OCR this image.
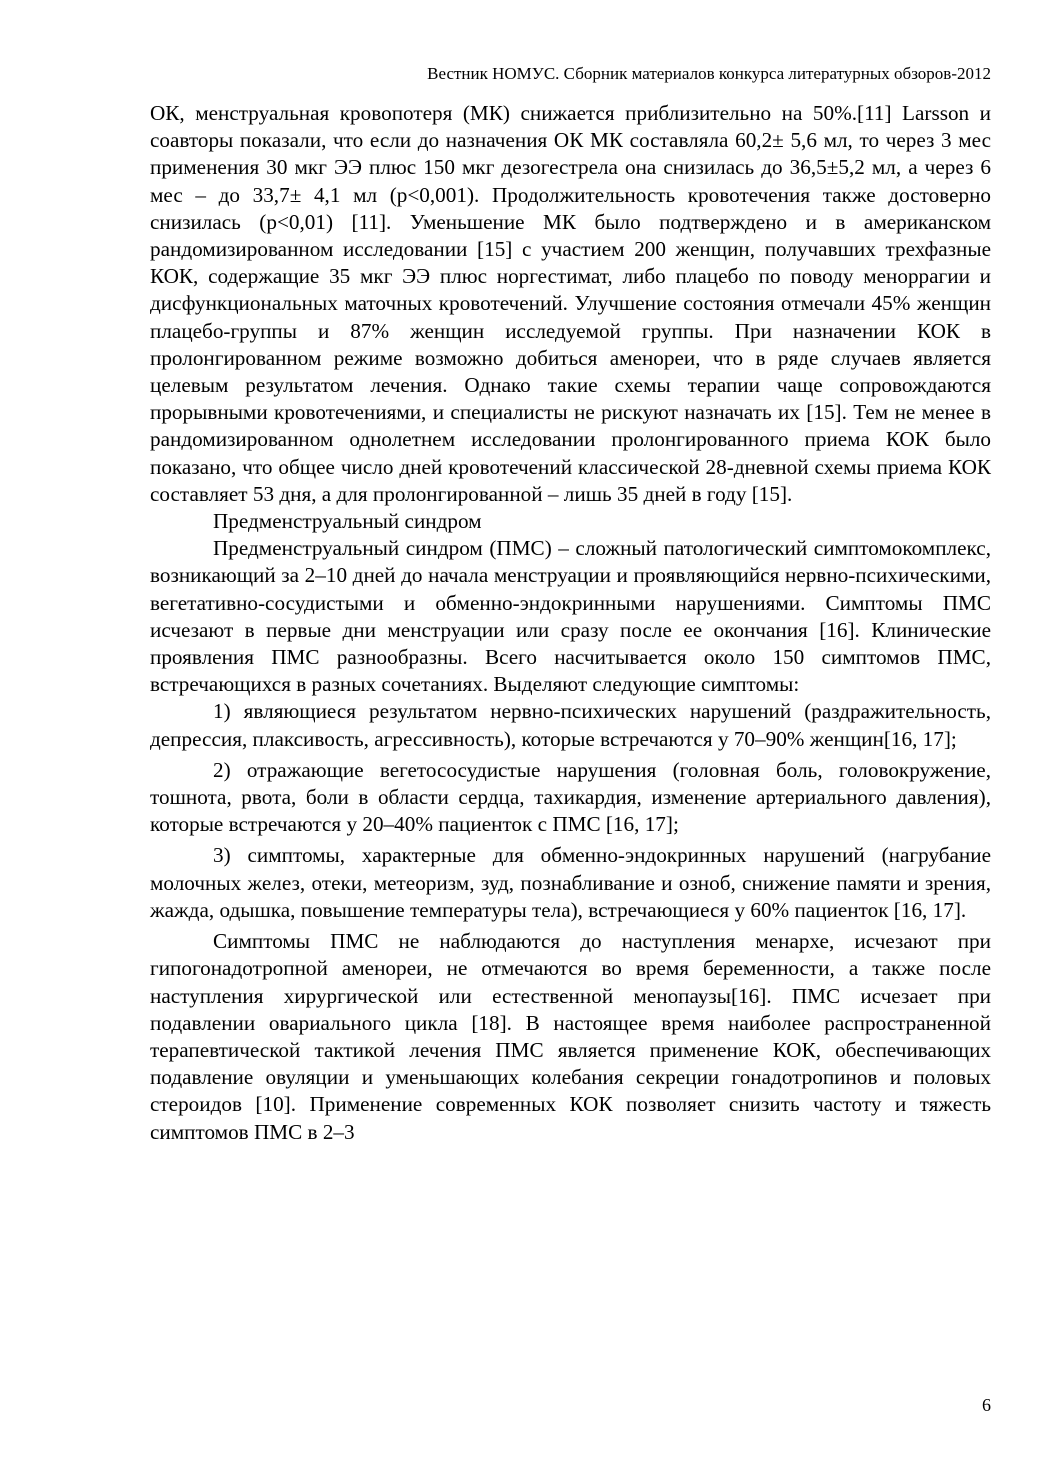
Вестник НОМУС. Сборник материалов конкурса литературных обзоров-2012

ОК, менструальная кровопотеря (МК) снижается приблизительно на 50%.[11] Larsson и соавторы показали, что если до назначения ОК МК составляла 60,2± 5,6 мл, то через 3 мес применения 30 мкг ЭЭ плюс 150 мкг дезогестрела она снизилась до 36,5±5,2 мл, а через 6 мес – до 33,7± 4,1 мл (p<0,001). Продолжительность кровотечения также достоверно снизилась (p<0,01) [11]. Уменьшение МК было подтверждено и в американском рандомизированном исследовании [15] с участием 200 женщин, получавших трехфазные КОК, содержащие 35 мкг ЭЭ плюс норгестимат, либо плацебо по поводу меноррагии и дисфункциональных маточных кровотечений. Улучшение состояния отмечали 45% женщин плацебо-группы и 87% женщин исследуемой группы. При назначении КОК в пролонгированном режиме возможно добиться аменореи, что в ряде случаев является целевым результатом лечения. Однако такие схемы терапии чаще сопровождаются прорывными кровотечениями, и специалисты не рискуют назначать их [15]. Тем не менее в рандомизированном однолетнем исследовании пролонгированного приема КОК было показано, что общее число дней кровотечений классической 28-дневной схемы приема КОК составляет 53 дня, а для пролонгированной – лишь 35 дней в году [15].

Предменструальный синдром

Предменструальный синдром (ПМС) – сложный патологический симптомокомплекс, возникающий за 2–10 дней до начала менструации и проявляющийся нервно-психическими, вегетативно-сосудистыми и обменно-эндокринными нарушениями. Симптомы ПМС исчезают в первые дни менструации или сразу после ее окончания [16]. Клинические проявления ПМС разнообразны. Всего насчитывается около 150 симптомов ПМС, встречающихся в разных сочетаниях. Выделяют следующие симптомы:

1) являющиеся результатом нервно-психических нарушений (раздражительность, депрессия, плаксивость, агрессивность), которые встречаются у 70–90% женщин[16, 17];

2) отражающие вегетососудистые нарушения (головная боль, головокружение, тошнота, рвота, боли в области сердца, тахикардия, изменение артериального давления), которые встречаются у 20–40% пациенток с ПМС [16, 17];

3) симптомы, характерные для обменно-эндокринных нарушений (нагрубание молочных желез, отеки, метеоризм, зуд, познабливание и озноб, снижение памяти и зрения, жажда, одышка, повышение температуры тела), встречающиеся у 60% пациенток [16, 17].

Симптомы ПМС не наблюдаются до наступления менархе, исчезают при гипогонадотропной аменореи, не отмечаются во время беременности, а также после наступления хирургической или естественной менопаузы[16]. ПМС исчезает при подавлении овариального цикла [18]. В настоящее время наиболее распространенной терапевтической тактикой лечения ПМС является применение КОК, обеспечивающих подавление овуляции и уменьшающих колебания секреции гонадотропинов и половых стероидов [10]. Применение современных КОК позволяет снизить частоту и тяжесть симптомов ПМС в 2–3

6
